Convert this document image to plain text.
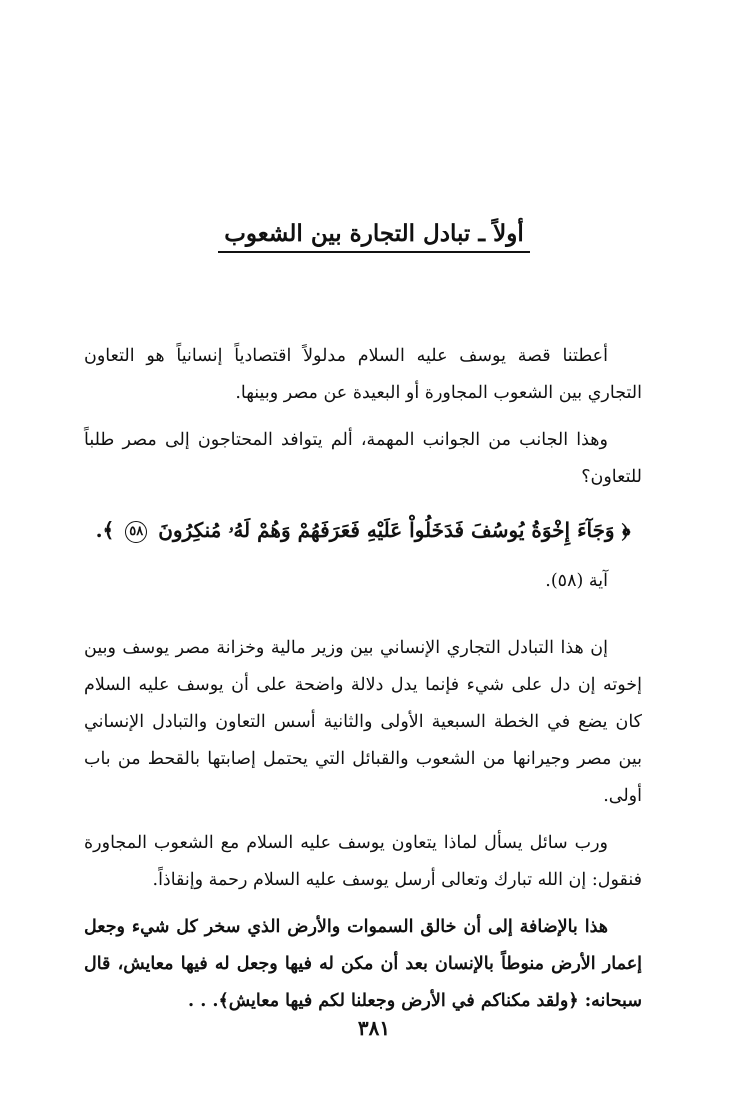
أولاً ـ تبادل التجارة بين الشعوب

أعطتنا قصة يوسف عليه السلام مدلولاً اقتصادياً إنسانياً هو التعاون التجاري بين الشعوب المجاورة أو البعيدة عن مصر وبينها.

وهذا الجانب من الجوانب المهمة، ألم يتوافد المحتاجون إلى مصر طلباً للتعاون؟

﴿ وَجَآءَ إِخْوَةُ يُوسُفَ فَدَخَلُواْ عَلَيْهِ فَعَرَفَهُمْ وَهُمْ لَهُۥ مُنكِرُونَ ٥٨ ﴾.
آية (٥٨).

إن هذا التبادل التجاري الإنساني بين وزير مالية وخزانة مصر يوسف وبين إخوته إن دل على شيء فإنما يدل دلالة واضحة على أن يوسف عليه السلام كان يضع في الخطة السبعية الأولى والثانية أسس التعاون والتبادل الإنساني بين مصر وجيرانها من الشعوب والقبائل التي يحتمل إصابتها بالقحط من باب أولى.

ورب سائل يسأل لماذا يتعاون يوسف عليه السلام مع الشعوب المجاورة فنقول: إن الله تبارك وتعالى أرسل يوسف عليه السلام رحمة وإنقاذاً.

هذا بالإضافة إلى أن خالق السموات والأرض الذي سخر كل شيء وجعل إعمار الأرض منوطاً بالإنسان بعد أن مكن له فيها وجعل له فيها معايش، قال سبحانه: ﴿ولقد مكناكم في الأرض وجعلنا لكم فيها معايش﴾. . .

٣٨١
